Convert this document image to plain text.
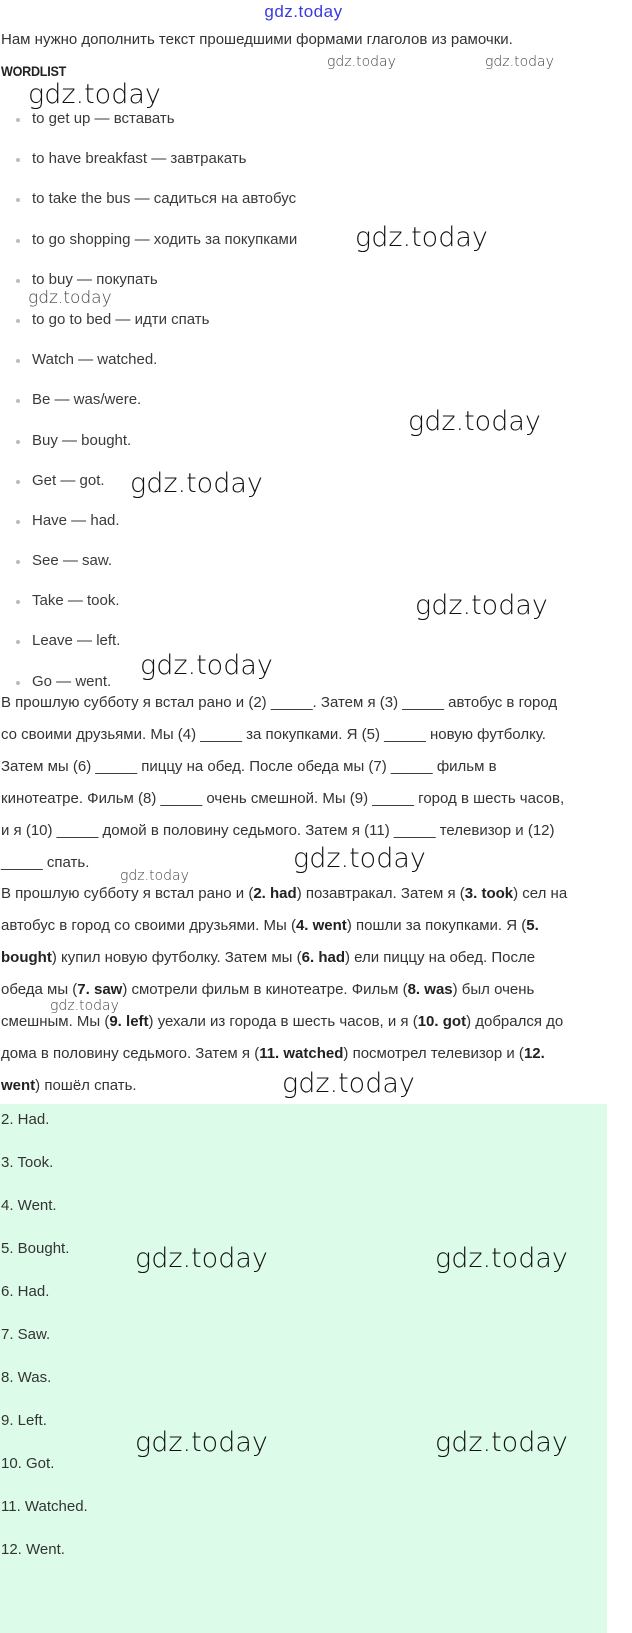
gdz.today
Нам нужно дополнить текст прошедшими формами глаголов из рамочки.
WORDLIST
to get up — вставать
to have breakfast — завтракать
to take the bus — садиться на автобус
to go shopping — ходить за покупками
to buy — покупать
to go to bed — идти спать
Watch — watched.
Be — was/were.
Buy — bought.
Get — got.
Have — had.
See — saw.
Take — took.
Leave — left.
Go — went.
В прошлую субботу я встал рано и (2) _____. Затем я (3) _____ автобус в город
со своими друзьями. Мы (4) _____ за покупками. Я (5) _____ новую футболку.
Затем мы (6) _____ пиццу на обед. После обеда мы (7) _____ фильм в
кинотеатре. Фильм (8) _____ очень смешной. Мы (9) _____ город в шесть часов,
и я (10) _____ домой в половину седьмого. Затем я (11) _____ телевизор и (12)
_____ спать.
В прошлую субботу я встал рано и (2. had) позавтракал. Затем я (3. took) сел на
автобус в город со своими друзьями. Мы (4. went) пошли за покупками. Я (5.
bought) купил новую футболку. Затем мы (6. had) ели пиццу на обед. После
обеда мы (7. saw) смотрели фильм в кинотеатре. Фильм (8. was) был очень
смешным. Мы (9. left) уехали из города в шесть часов, и я (10. got) добрался до
дома в половину седьмого. Затем я (11. watched) посмотрел телевизор и (12.
went) пошёл спать.
2. Had.
3. Took.
4. Went.
5. Bought.
6. Had.
7. Saw.
8. Was.
9. Left.
10. Got.
11. Watched.
12. Went.
gdz.today	gdz.today
gdz.today
gdz.today
gdz.today
gdz.today
gdz.today
gdz.today
gdz.today
gdz.today
gdz.today
gdz.today
gdz.today
gdz.today	gdz.today
gdz.today	gdz.today
